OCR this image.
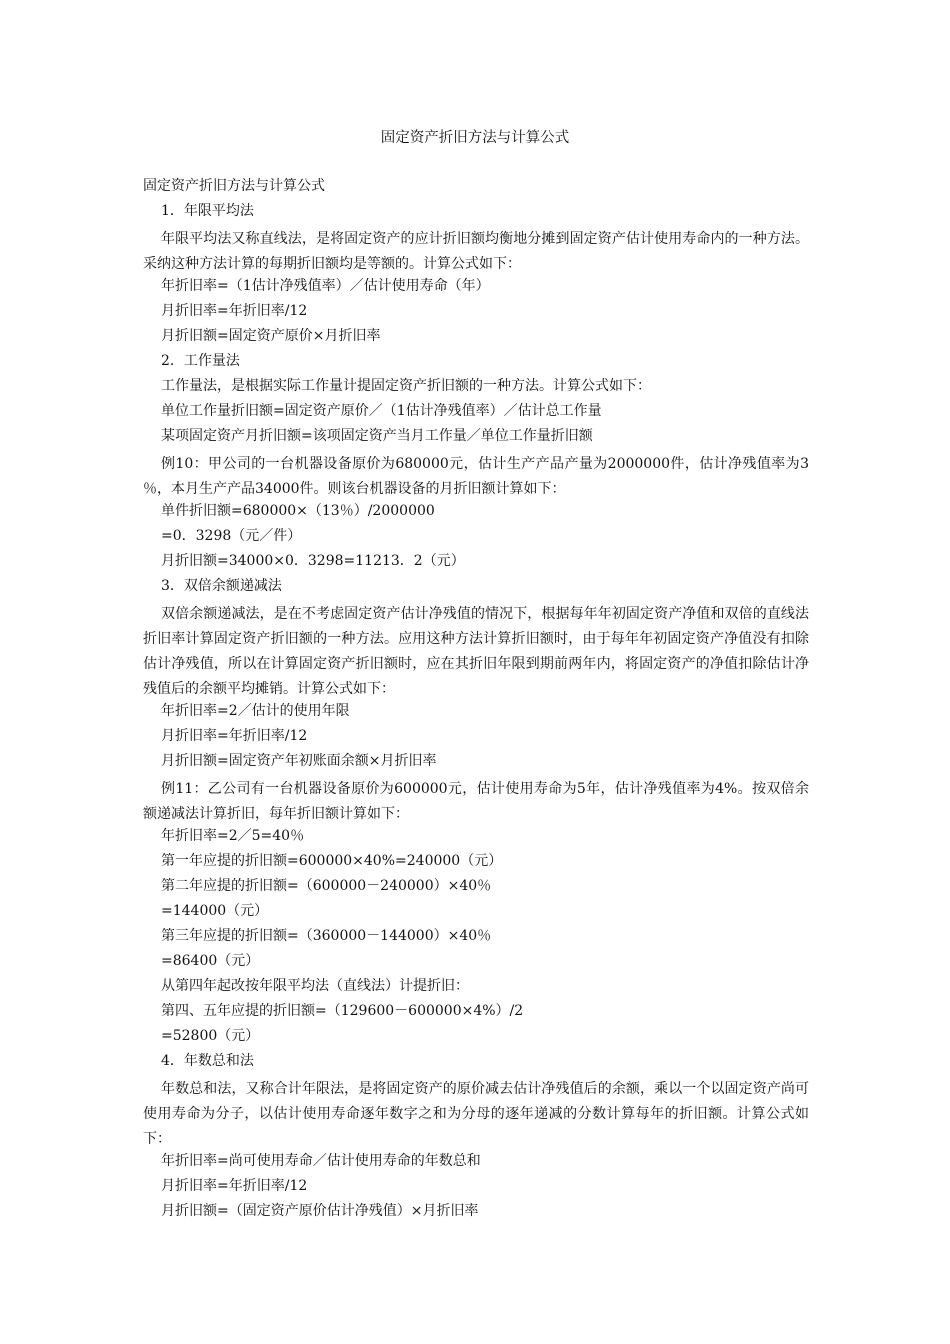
固定资产折旧方法与计算公式
固定资产折旧方法与计算公式
1．年限平均法
年限平均法又称直线法，是将固定资产的应计折旧额均衡地分摊到固定资产估计使用寿命内的一种方法。采纳这种方法计算的每期折旧额均是等额的。计算公式如下：
年折旧率=（1估计净残值率）／估计使用寿命（年）
月折旧率=年折旧率/12
月折旧额=固定资产原价×月折旧率
2．工作量法
工作量法，是根据实际工作量计提固定资产折旧额的一种方法。计算公式如下：
单位工作量折旧额=固定资产原价／（1估计净残值率）／估计总工作量
某项固定资产月折旧额=该项固定资产当月工作量／单位工作量折旧额
例10：甲公司的一台机器设备原价为680000元，估计生产产品产量为2000000件，估计净残值率为3 ％，本月生产产品34000件。则该台机器设备的月折旧额计算如下：
单件折旧额=680000×（13％）/2000000
=0．3298（元／件）
月折旧额=34000×0．3298=11213．2（元）
3．双倍余额递减法
双倍余额递减法，是在不考虑固定资产估计净残值的情况下，根据每年年初固定资产净值和双倍的直线法折旧率计算固定资产折旧额的一种方法。应用这种方法计算折旧额时，由于每年年初固定资产净值没有扣除估计净残值，所以在计算固定资产折旧额时，应在其折旧年限到期前两年内，将固定资产的净值扣除估计净残值后的余额平均摊销。计算公式如下：
年折旧率=2／估计的使用年限
月折旧率=年折旧率/12
月折旧额=固定资产年初账面余额×月折旧率
例11：乙公司有一台机器设备原价为600000元，估计使用寿命为5年，估计净残值率为4%。按双倍余额递减法计算折旧，每年折旧额计算如下：
年折旧率=2／5=40％
第一年应提的折旧额=600000×40%=240000（元）
第二年应提的折旧额=（600000－240000）×40％
=144000（元）
第三年应提的折旧额=（360000－144000）×40％
=86400（元）
从第四年起改按年限平均法（直线法）计提折旧：
第四、五年应提的折旧额=（129600－600000×4%）/2
=52800（元）
4．年数总和法
年数总和法，又称合计年限法，是将固定资产的原价减去估计净残值后的余额，乘以一个以固定资产尚可使用寿命为分子，以估计使用寿命逐年数字之和为分母的逐年递减的分数计算每年的折旧额。计算公式如下：
年折旧率=尚可使用寿命／估计使用寿命的年数总和
月折旧率=年折旧率/12
月折旧额=（固定资产原价估计净残值）×月折旧率
